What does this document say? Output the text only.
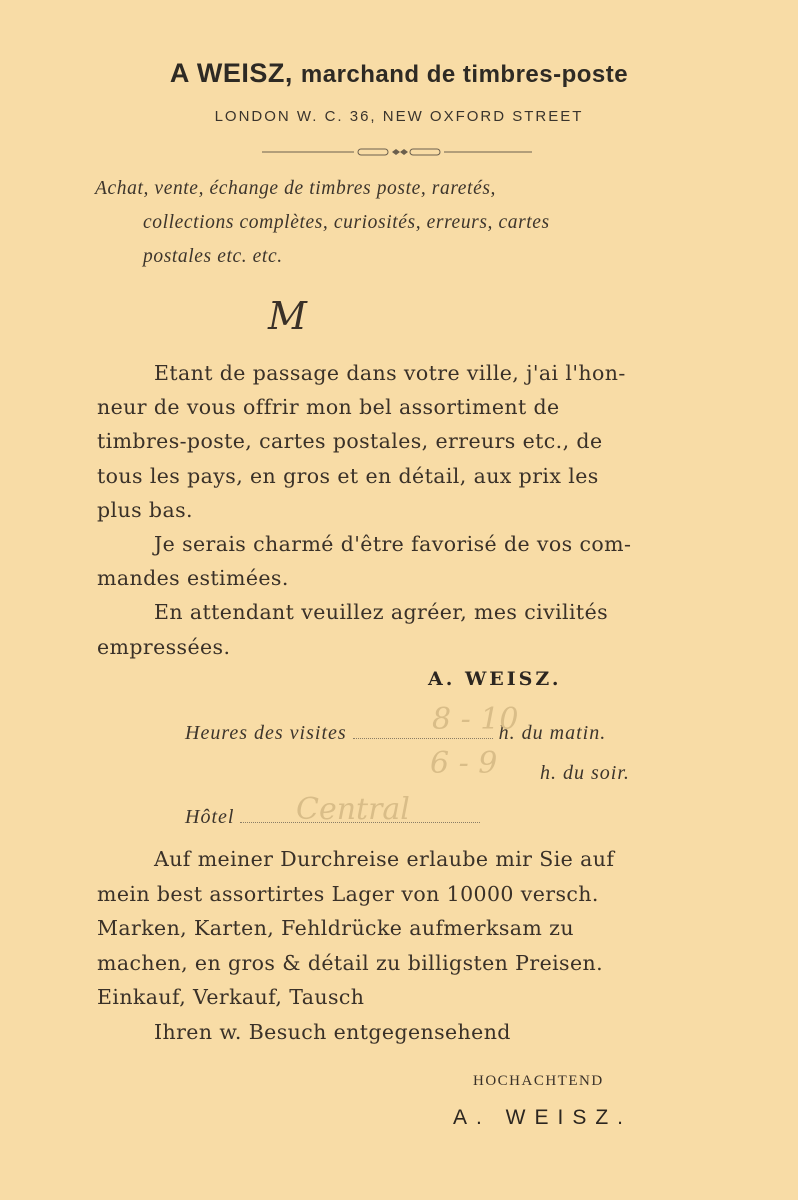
A WEISZ, marchand de timbres-poste
LONDON W. C. 36, NEW OXFORD STREET
Achat, vente, échange de timbres poste, raretés,
collections complètes, curiosités, erreurs, cartes
postales etc. etc.
M
Etant de passage dans votre ville, j'ai l'hon-
neur de vous offrir mon bel assortiment de
timbres-poste, cartes postales, erreurs etc., de
tous les pays, en gros et en détail, aux prix les
plus bas.
Je serais charmé d'être favorisé de vos com-
mandes estimées.
En attendant veuillez agréer, mes civilités
empressées.
A. WEISZ.
Heures des visites	h. du matin.
8 - 10
h. du soir.
6 - 9
Hôtel	Central
Auf meiner Durchreise erlaube mir Sie auf
mein best assortirtes Lager von 10000 versch.
Marken, Karten, Fehldrücke aufmerksam zu
machen, en gros & détail zu billigsten Preisen.
Einkauf, Verkauf, Tausch
Ihren w. Besuch entgegensehend
HOCHACHTEND
A. WEISZ.
